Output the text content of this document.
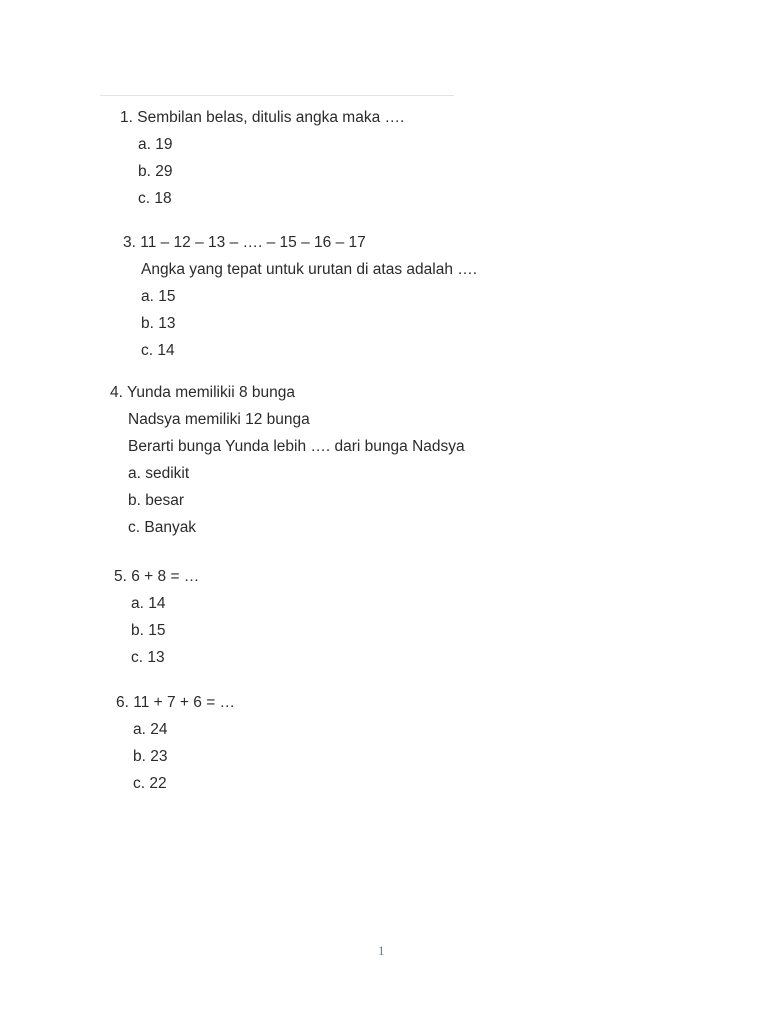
1. Sembilan belas, ditulis angka maka ….
a. 19
b. 29
c. 18
3. 11 – 12 – 13 – …. – 15 – 16 – 17
Angka yang tepat untuk urutan di atas adalah ….
a. 15
b. 13
c. 14
4. Yunda memilikii 8 bunga
Nadsya memiliki 12 bunga
Berarti bunga Yunda lebih …. dari bunga Nadsya
a. sedikit
b. besar
c. Banyak
5. 6 + 8 = …
a. 14
b. 15
c. 13
6. 11 + 7 + 6 = …
a. 24
b. 23
c. 22
1
